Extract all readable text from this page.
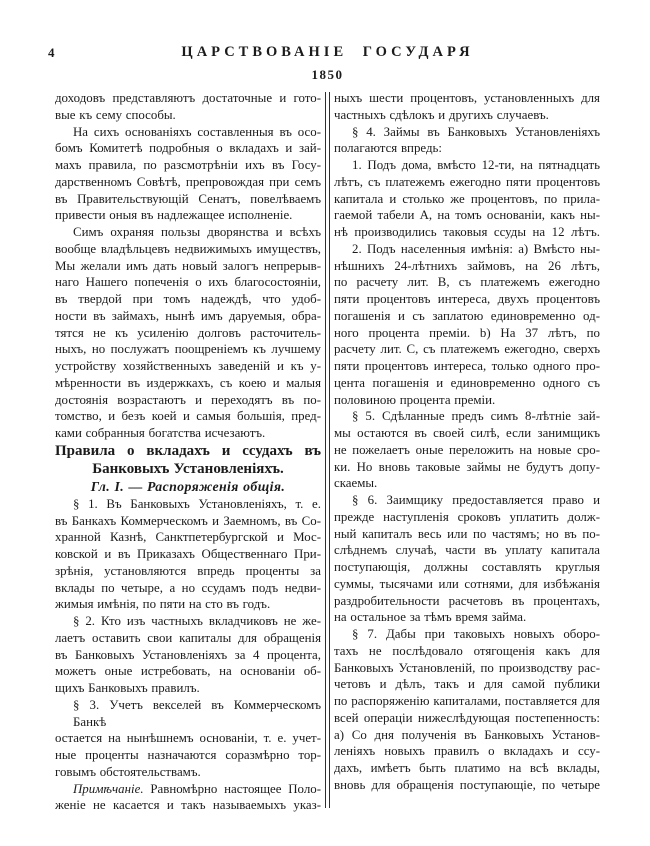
4	ЦАРСТВОВАНІЕ ГОСУДАРЯ
1850
доходовъ представляютъ достаточные и гото-
вые къ сему способы.
На сихъ основаніяхъ составленныя въ осо-
бомъ Комитетѣ подробныя о вкладахъ и зай-
махъ правила, по разсмотрѣніи ихъ въ Госу-
дарственномъ Совѣтѣ, препровождая при семъ
въ Правительствующій Сенатъ, повелѣваемъ
привести оныя въ надлежащее исполненіе.
Симъ охраняя пользы дворянства и всѣхъ
вообще владѣльцевъ недвижимыхъ имуществъ,
Мы желали имъ дать новый залогъ непрерыв-
наго Нашего попеченія о ихъ благосостояніи,
въ твердой при томъ надеждѣ, что удоб-
ности въ займахъ, нынѣ имъ даруемыя, обра-
тятся не къ усиленію долговъ расточитель-
ныхъ, но послужатъ поощреніемъ къ лучшему
устройству хозяйственныхъ заведеній и къ у-
мѣренности въ издержкахъ, съ коею и малыя
достоянія возрастаютъ и переходятъ въ по-
томство, и безъ коей и самыя большія, пред-
ками собранныя богатства исчезаютъ.
Правила о вкладахъ и ссудахъ въ
Банковыхъ Установленіяхъ.
Гл. I. — Распоряженія общія.
§ 1. Въ Банковыхъ Установленіяхъ, т. е.
въ Банкахъ Коммерческомъ и Заемномъ, въ Со-
хранной Казнѣ, Санктпетербургской и Мос-
ковской и въ Приказахъ Общественнаго При-
зрѣнія, установляются впредь проценты за
вклады по четыре, а но ссудамъ подъ недви-
жимыя имѣнія, по пяти на сто въ годъ.
§ 2. Кто изъ частныхъ вкладчиковъ не же-
лаетъ оставить свои капиталы для обращенія
въ Банковыхъ Установленіяхъ за 4 процента,
можетъ оные истребовать, на основаніи об-
щихъ Банковыхъ правилъ.
§ 3. Учетъ векселей въ Коммерческомъ Банкѣ
остается на нынѣшнемъ основаніи, т. е. учет-
ные проценты назначаются соразмѣрно тор-
говымъ обстоятельствамъ.
Примѣчаніе. Равномѣрно настоящее Поло-
женіе не касается и такъ называемыхъ указ-
ныхъ шести процентовъ, установленныхъ для
частныхъ сдѣлокъ и другихъ случаевъ.
§ 4. Займы въ Банковыхъ Установленіяхъ
полагаются впредь:
1. Подъ дома, вмѣсто 12-ти, на пятнадцать
лѣтъ, съ платежемъ ежегодно пяти процентовъ
капитала и столько же процентовъ, по прила-
гаемой табели А, на томъ основаніи, какъ ны-
нѣ производились таковыя ссуды на 12 лѣтъ.
2. Подъ населенныя имѣнія: а) Вмѣсто ны-
нѣшнихъ 24-лѣтнихъ займовъ, на 26 лѣтъ,
по расчету лит. В, съ платежемъ ежегодно
пяти процентовъ интереса, двухъ процентовъ
погашенія и съ заплатою единовременно од-
ного процента преміи. b) На 37 лѣтъ, по
расчету лит. С, съ платежемъ ежегодно, сверхъ
пяти процентовъ интереса, только одного про-
цента погашенія и единовременно одного съ
половиною процента преміи.
§ 5. Сдѣланные предъ симъ 8-лѣтніе зай-
мы остаются въ своей силѣ, если занимщикъ
не пожелаетъ оные переложить на новые сро-
ки. Но вновь таковые займы не будутъ допу-
скаемы.
§ 6. Заимщику предоставляется право и
прежде наступленія сроковъ уплатить долж-
ный капиталъ весь или по частямъ; но въ по-
слѣднемъ случаѣ, части въ уплату капитала
поступающія, должны составлять круглыя
суммы, тысячами или сотнями, для избѣжанія
раздробительности расчетовъ въ процентахъ,
на остальное за тѣмъ время займа.
§ 7. Дабы при таковыхъ новыхъ оборо-
тахъ не послѣдовало отягощенія какъ для
Банковыхъ Установленій, по производству рас-
четовъ и дѣлъ, такъ и для самой публики
по распоряженію капиталами, поставляется для
всей операціи нижеслѣдующая постепенность:
а) Со дня полученія въ Банковыхъ Установ-
леніяхъ новыхъ правилъ о вкладахъ и ссу-
дахъ, имѣетъ быть платимо на всѣ вклады,
вновь для обращенія поступающіе, по четыре
